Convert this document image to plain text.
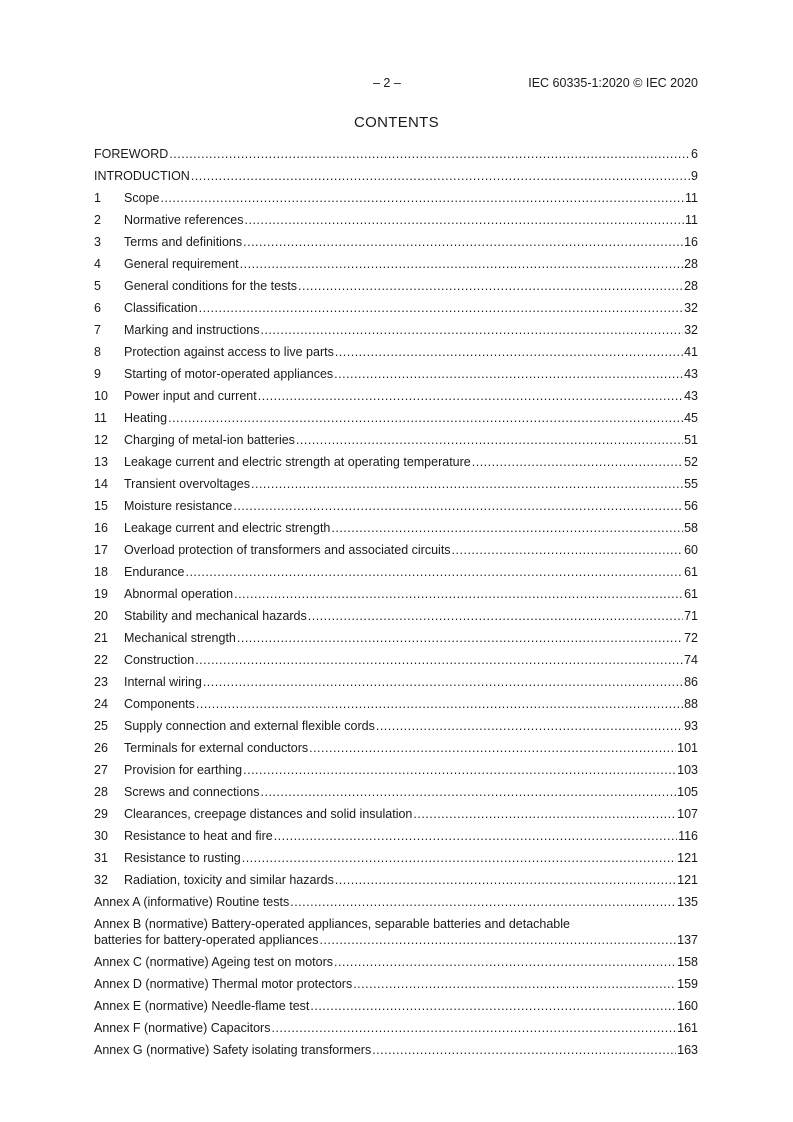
– 2 –	IEC 60335-1:2020 © IEC 2020
CONTENTS
FOREWORD .....	6
INTRODUCTION .....	9
1	Scope .....	11
2	Normative references .....	11
3	Terms and definitions .....	16
4	General requirement .....	28
5	General conditions for the tests .....	28
6	Classification .....	32
7	Marking and instructions .....	32
8	Protection against access to live parts .....	41
9	Starting of motor-operated appliances .....	43
10	Power input and current .....	43
11	Heating .....	45
12	Charging of metal-ion batteries .....	51
13	Leakage current and electric strength at operating temperature .....	52
14	Transient overvoltages .....	55
15	Moisture resistance .....	56
16	Leakage current and electric strength .....	58
17	Overload protection of transformers and associated circuits .....	60
18	Endurance .....	61
19	Abnormal operation .....	61
20	Stability and mechanical hazards .....	71
21	Mechanical strength .....	72
22	Construction .....	74
23	Internal wiring .....	86
24	Components .....	88
25	Supply connection and external flexible cords .....	93
26	Terminals for external conductors .....	101
27	Provision for earthing .....	103
28	Screws and connections .....	105
29	Clearances, creepage distances and solid insulation .....	107
30	Resistance to heat and fire .....	116
31	Resistance to rusting .....	121
32	Radiation, toxicity and similar hazards .....	121
Annex A (informative) Routine tests .....	135
Annex B (normative) Battery-operated appliances, separable batteries and detachable
batteries for battery-operated appliances .....	137
Annex C (normative) Ageing test on motors .....	158
Annex D (normative) Thermal motor protectors .....	159
Annex E (normative) Needle-flame test .....	160
Annex F (normative) Capacitors .....	161
Annex G (normative) Safety isolating transformers .....	163
